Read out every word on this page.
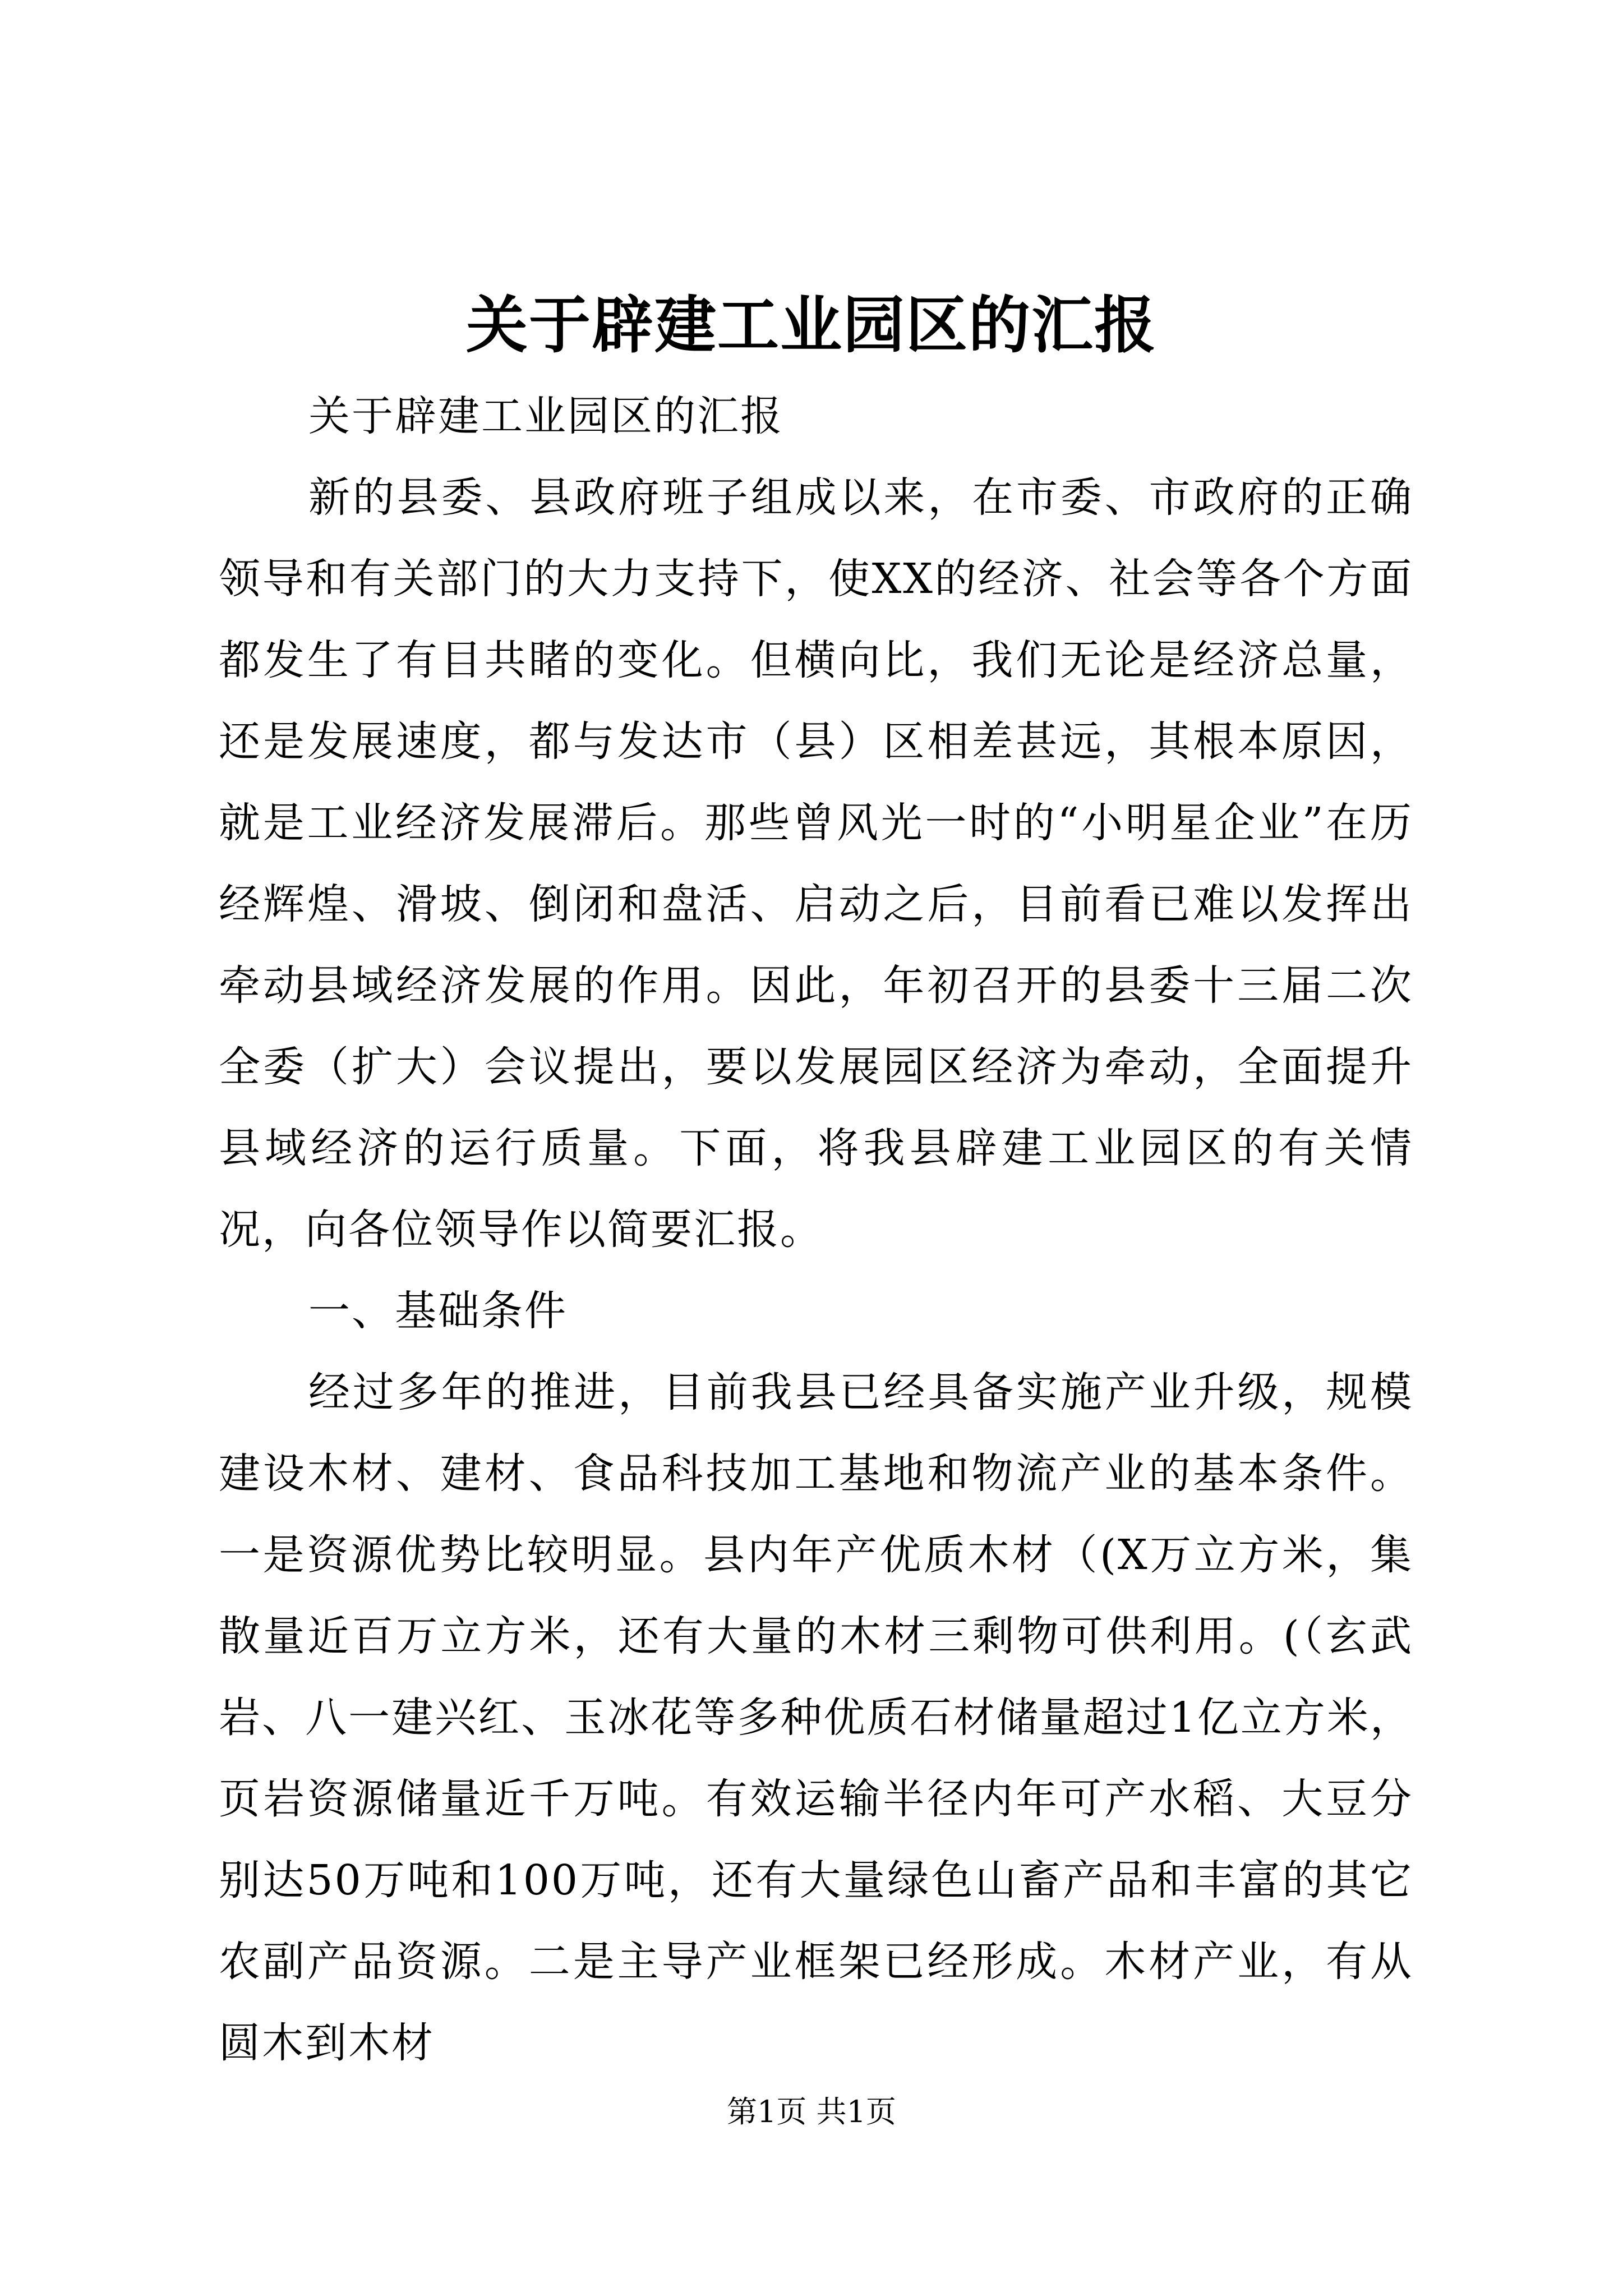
关于辟建工业园区的汇报

关于辟建工业园区的汇报

新的县委、县政府班子组成以来，在市委、市政府的正确领导和有关部门的大力支持下，使XX的经济、社会等各个方面都发生了有目共睹的变化。但横向比，我们无论是经济总量，还是发展速度，都与发达市（县）区相差甚远，其根本原因，就是工业经济发展滞后。那些曾风光一时的“小明星企业”在历经辉煌、滑坡、倒闭和盘活、启动之后，目前看已难以发挥出牵动县域经济发展的作用。因此，年初召开的县委十三届二次全委（扩大）会议提出，要以发展园区经济为牵动，全面提升县域经济的运行质量。下面，将我县辟建工业园区的有关情况，向各位领导作以简要汇报。

一、基础条件

经过多年的推进，目前我县已经具备实施产业升级，规模建设木材、建材、食品科技加工基地和物流产业的基本条件。一是资源优势比较明显。县内年产优质木材（(X万立方米，集散量近百万立方米，还有大量的木材三剩物可供利用。(（玄武岩、八一建兴红、玉冰花等多种优质石材储量超过1亿立方米，页岩资源储量近千万吨。有效运输半径内年可产水稻、大豆分别达50万吨和100万吨，还有大量绿色山畜产品和丰富的其它农副产品资源。二是主导产业框架已经形成。木材产业，有从圆木到木材

第1页 共1页
